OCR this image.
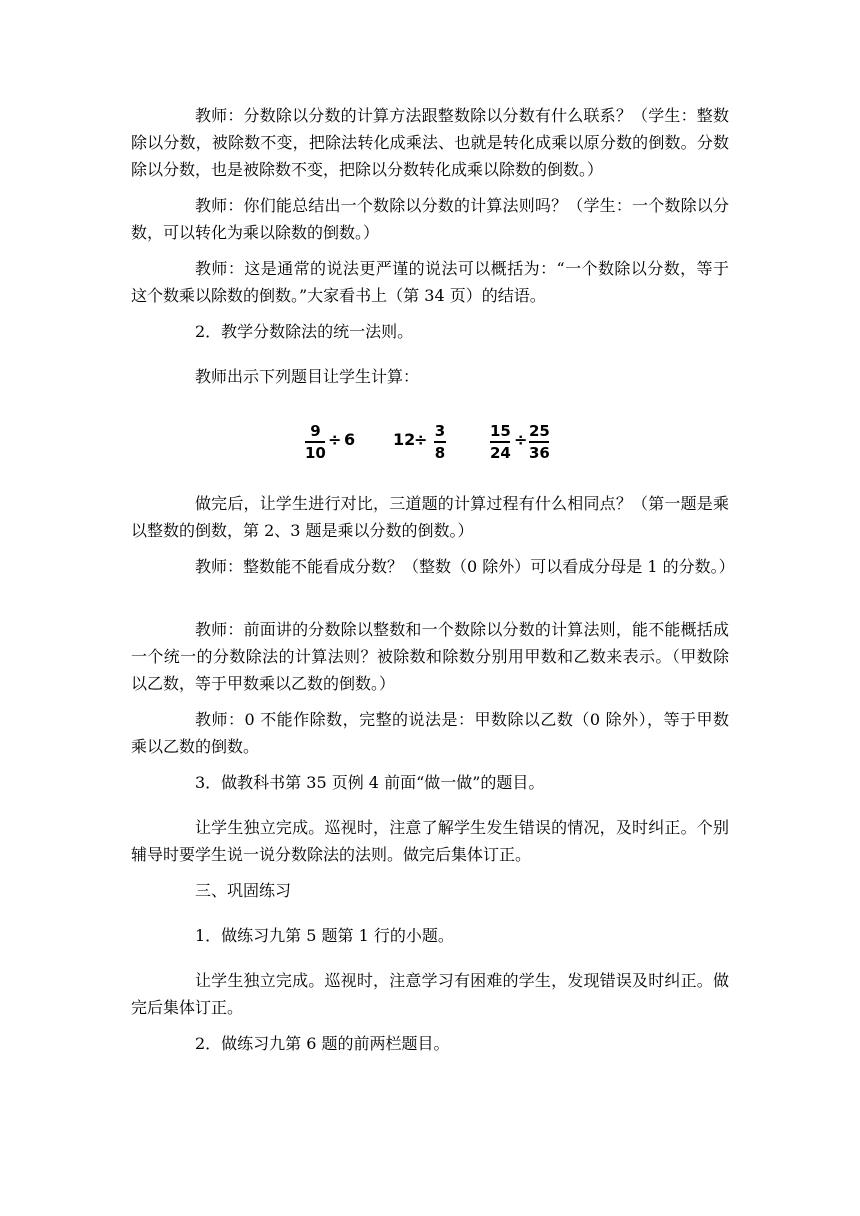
教师：分数除以分数的计算方法跟整数除以分数有什么联系？（学生：整数除以分数，被除数不变，把除法转化成乘法、也就是转化成乘以原分数的倒数。分数除以分数，也是被除数不变，把除以分数转化成乘以除数的倒数。）

教师：你们能总结出一个数除以分数的计算法则吗？（学生：一个数除以分数，可以转化为乘以除数的倒数。）

教师：这是通常的说法更严谨的说法可以概括为：“一个数除以分数，等于这个数乘以除数的倒数。”大家看书上（第 34 页）的结语。

2．教学分数除法的统一法则。

教师出示下列题目让学生计算：

9
10
÷ 6 12
÷ 3
8
15
24
÷ 25
36

做完后，让学生进行对比，三道题的计算过程有什么相同点？（第一题是乘以整数的倒数，第 2、3 题是乘以分数的倒数。）

教师：整数能不能看成分数？（整数（0 除外）可以看成分母是 1 的分数。）

教师：前面讲的分数除以整数和一个数除以分数的计算法则，能不能概括成一个统一的分数除法的计算法则？被除数和除数分别用甲数和乙数来表示。（甲数除以乙数，等于甲数乘以乙数的倒数。）

教师：0 不能作除数，完整的说法是：甲数除以乙数（0 除外），等于甲数乘以乙数的倒数。

3．做教科书第 35 页例 4 前面“做一做”的题目。

让学生独立完成。巡视时，注意了解学生发生错误的情况，及时纠正。个别辅导时要学生说一说分数除法的法则。做完后集体订正。

三、巩固练习

1．做练习九第 5 题第 1 行的小题。

让学生独立完成。巡视时，注意学习有困难的学生，发现错误及时纠正。做完后集体订正。

2．做练习九第 6 题的前两栏题目。
